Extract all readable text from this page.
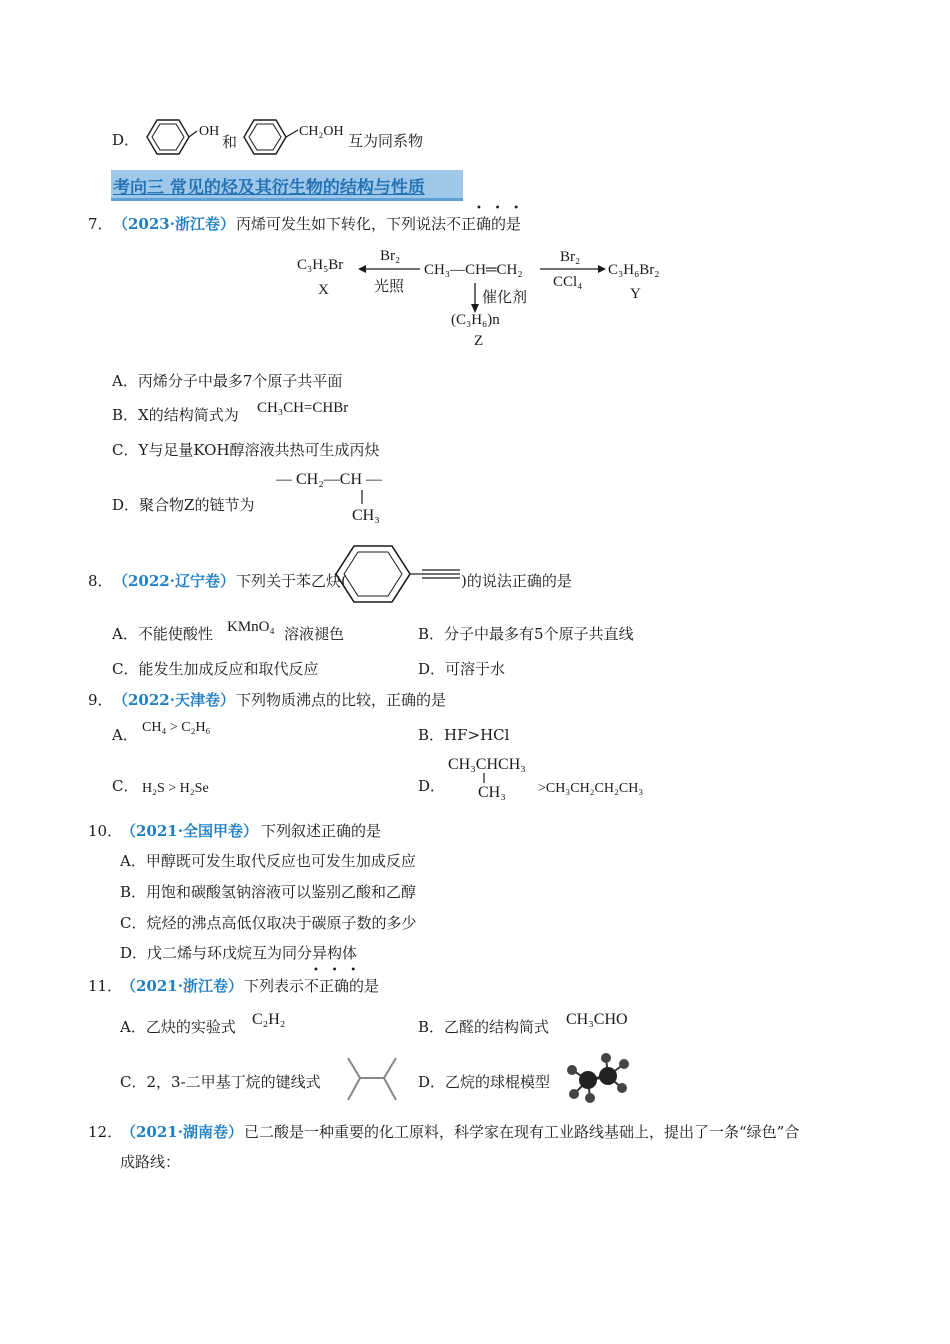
D．	OH
和
CH₂OH
互为同系物
考向三 常见的烃及其衍生物的结构与性质
7． （2023·浙江卷） 丙烯可发生如下转化，下列说法不正确的是
•    •    •
C₃H₅Br
X
Br₂
光照
CH₃—CH═CH₂
Br₂
CCl₄
C₃H₆Br₂
Y
催化剂
(C₃H₆)n
Z
A．丙烯分子中最多7个原子共平面
B．X的结构简式为 CH₃CH=CHBr
C．Y与足量KOH醇溶液共热可生成丙炔
D．聚合物Z的链节为
— CH₂—CH —
CH₃
8． （2022·辽宁卷） 下列关于苯乙炔(	)的说法正确的是
A．不能使酸性 KMnO₄ 溶液褪色	B．分子中最多有5个原子共直线
C．能发生加成反应和取代反应	D．可溶于水
9． （2022·天津卷） 下列物质沸点的比较，正确的是
A． CH₄ > C₂H₆	B．HF>HCl
C． H₂S > H₂Se	D．
CH₃CHCH₃
CH₃ >CH₃CH₂CH₂CH₃
10．
（2021·全国甲卷） 下列叙述正确的是
A．甲醇既可发生取代反应也可发生加成反应
B．用饱和碳酸氢钠溶液可以鉴别乙酸和乙醇
C．烷烃的沸点高低仅取决于碳原子数的多少
D．戊二烯与环戊烷互为同分异构体
11．
（2021·浙江卷） 下列表示不正确的是
•    •    •
A．乙炔的实验式 C₂H₂	B．乙醛的结构简式 CH₃CHO
C．2，3-二甲基丁烷的键线式	D．乙烷的球棍模型
12．
（2021·湖南卷） 已二酸是一种重要的化工原料，科学家在现有工业路线基础上，提出了一条“绿色”合
成路线：
